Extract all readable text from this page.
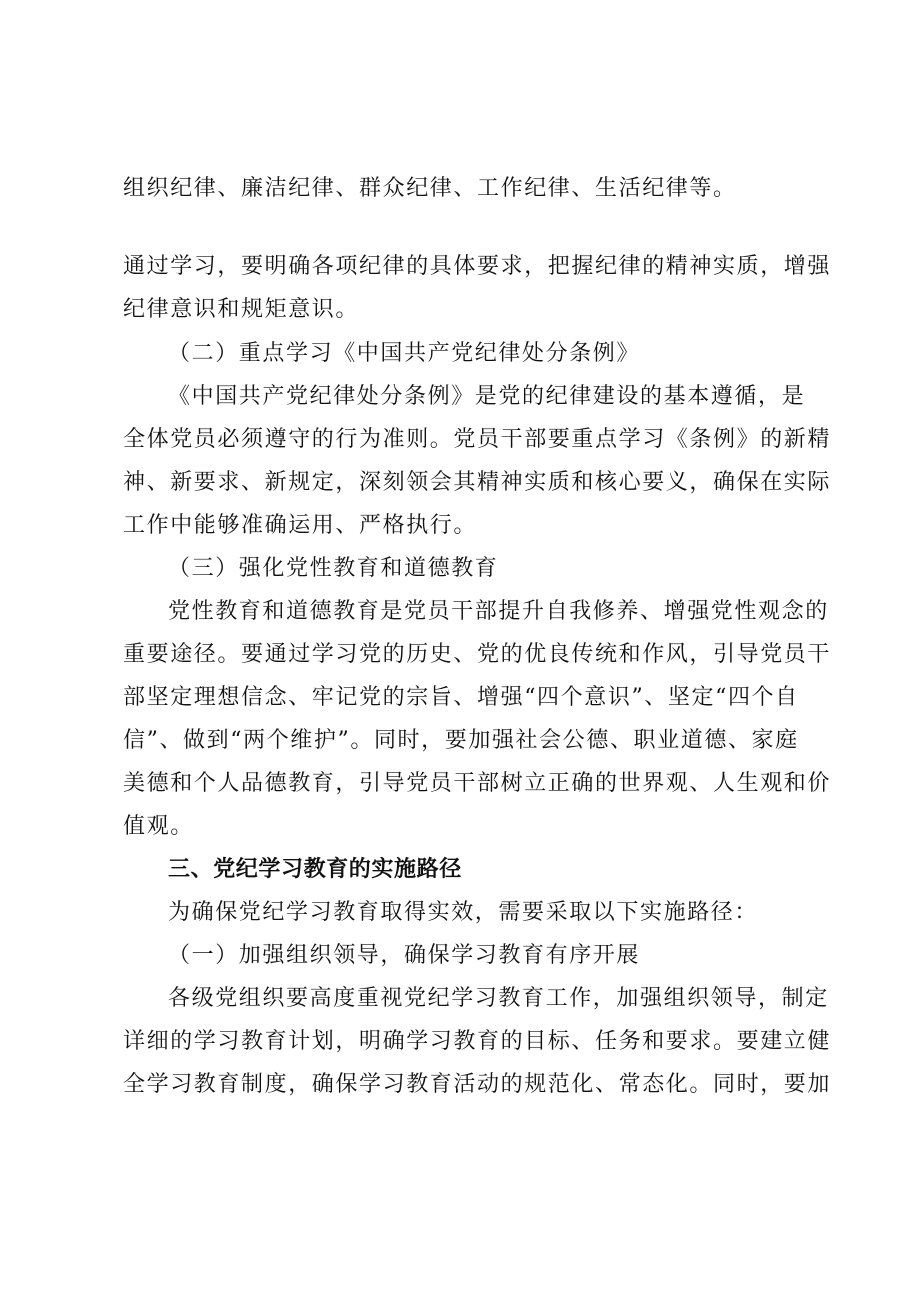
组织纪律、廉洁纪律、群众纪律、工作纪律、生活纪律等。
通过学习，要明确各项纪律的具体要求，把握纪律的精神实质，增强
纪律意识和规矩意识。
（二）重点学习《中国共产党纪律处分条例》
《中国共产党纪律处分条例》是党的纪律建设的基本遵循，是
全体党员必须遵守的行为准则。党员干部要重点学习《条例》的新精
神、新要求、新规定，深刻领会其精神实质和核心要义，确保在实际
工作中能够准确运用、严格执行。
（三）强化党性教育和道德教育
党性教育和道德教育是党员干部提升自我修养、增强党性观念的
重要途径。要通过学习党的历史、党的优良传统和作风，引导党员干
部坚定理想信念、牢记党的宗旨、增强“四个意识”、坚定“四个自
信”、做到“两个维护”。同时，要加强社会公德、职业道德、家庭
美德和个人品德教育，引导党员干部树立正确的世界观、人生观和价
值观。
三、党纪学习教育的实施路径
为确保党纪学习教育取得实效，需要采取以下实施路径：
（一）加强组织领导，确保学习教育有序开展
各级党组织要高度重视党纪学习教育工作，加强组织领导，制定
详细的学习教育计划，明确学习教育的目标、任务和要求。要建立健
全学习教育制度，确保学习教育活动的规范化、常态化。同时，要加
